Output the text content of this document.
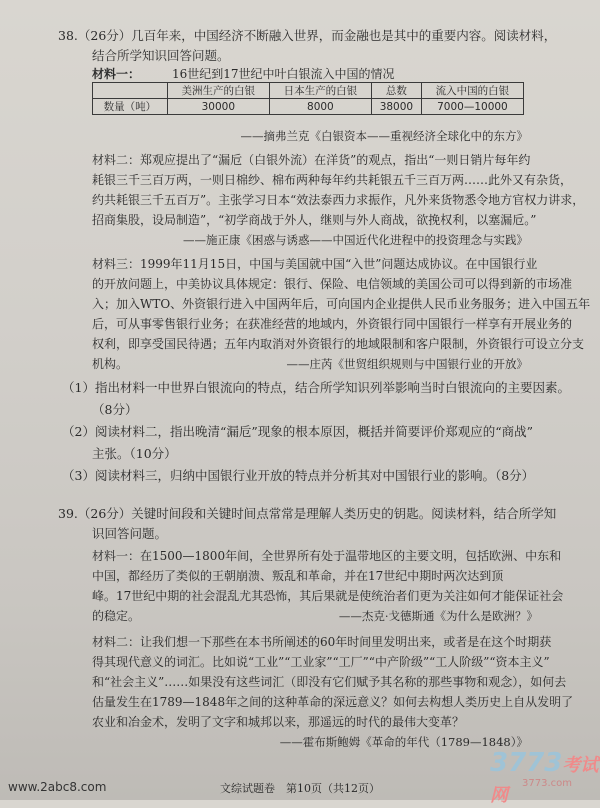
38.（26分）几百年来，中国经济不断融入世界，而金融也是其中的重要内容。阅读材料，
结合所学知识回答问题。
材料一：	16世纪到17世纪中叶白银流入中国的情况
	美洲生产的白银	日本生产的白银	总数	流入中国的白银
数量（吨）	30000	8000	38000	7000—10000
——摘弗兰克《白银资本——重视经济全球化中的东方》
材料二：郑观应提出了“漏卮（白银外流）在洋货”的观点，指出“一则日销片每年约
耗银三千三百万两，一则日棉纱、棉布两种每年约共耗银五千三百万两……此外又有杂货，
约共耗银三千五百万”。主张学习日本“效法泰西力求振作，凡外来货物悉令地方官权力讲求，
招商集股，设局制造”，“初学商战于外人，继则与外人商战，欲挽权利，以塞漏卮。”
——施正康《困惑与诱惑——中国近代化进程中的投资理念与实践》
材料三：1999年11月15日，中国与美国就中国“入世”问题达成协议。在中国银行业
的开放问题上，中美协议具体规定：银行、保险、电信领域的美国公司可以得到新的市场准
入；加入WTO、外资银行进入中国两年后，可向国内企业提供人民币业务服务；进入中国五年
后，可从事零售银行业务；在获准经营的地域内，外资银行同中国银行一样享有开展业务的
权利，即享受国民待遇；五年内取消对外资银行的地域限制和客户限制，外资银行可设立分支
机构。	——庄芮《世贸组织规则与中国银行业的开放》
（1）指出材料一中世界白银流向的特点，结合所学知识列举影响当时白银流向的主要因素。
（8分）
（2）阅读材料二，指出晚清“漏卮”现象的根本原因，概括并简要评价郑观应的“商战”
主张。（10分）
（3）阅读材料三，归纳中国银行业开放的特点并分析其对中国银行业的影响。（8分）
39.（26分）关键时间段和关键时间点常常是理解人类历史的钥匙。阅读材料，结合所学知
识回答问题。
材料一：在1500—1800年间，全世界所有处于温带地区的主要文明，包括欧洲、中东和
中国，都经历了类似的王朝崩溃、叛乱和革命，并在17世纪中期时两次达到顶
峰。17世纪中期的社会混乱尤其恐怖，其后果就是使统治者们更为关注如何才能保证社会
的稳定。	——杰克·戈德斯通《为什么是欧洲？》
材料二：让我们想一下那些在本书所阐述的60年时间里发明出来，或者是在这个时期获
得其现代意义的词汇。比如说“工业”“工业家”“工厂”“中产阶级”“工人阶级”“资本主义”
和“社会主义”……如果没有这些词汇（即没有它们赋予其名称的那些事物和观念），如何去
估量发生在1789—1848年之间的这种革命的深远意义？如何去构想人类历史上自从发明了
农业和冶金术，发明了文字和城邦以来，那遥远的时代的最伟大变革？
——霍布斯鲍姆《革命的年代（1789—1848）》
文综试题卷　第10页（共12页）
www.2abc8.com
3773考试网
3773.com
